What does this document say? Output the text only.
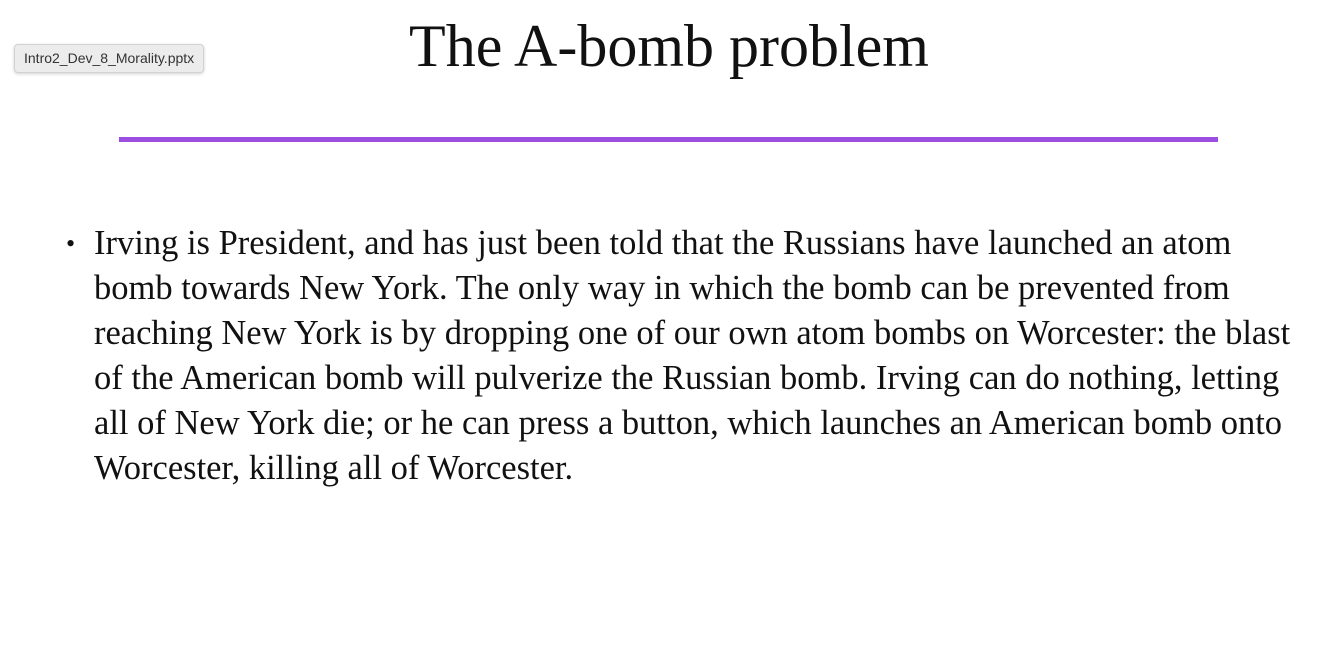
Intro2_Dev_8_Morality.pptx	The A-bomb problem
• Irving is President, and has just been told that the Russians have launched an atom bomb towards New York. The only way in which the bomb can be prevented from reaching New York is by dropping one of our own atom bombs on Worcester: the blast of the American bomb will pulverize the Russian bomb. Irving can do nothing, letting all of New York die; or he can press a button, which launches an American bomb onto Worcester, killing all of Worcester.
